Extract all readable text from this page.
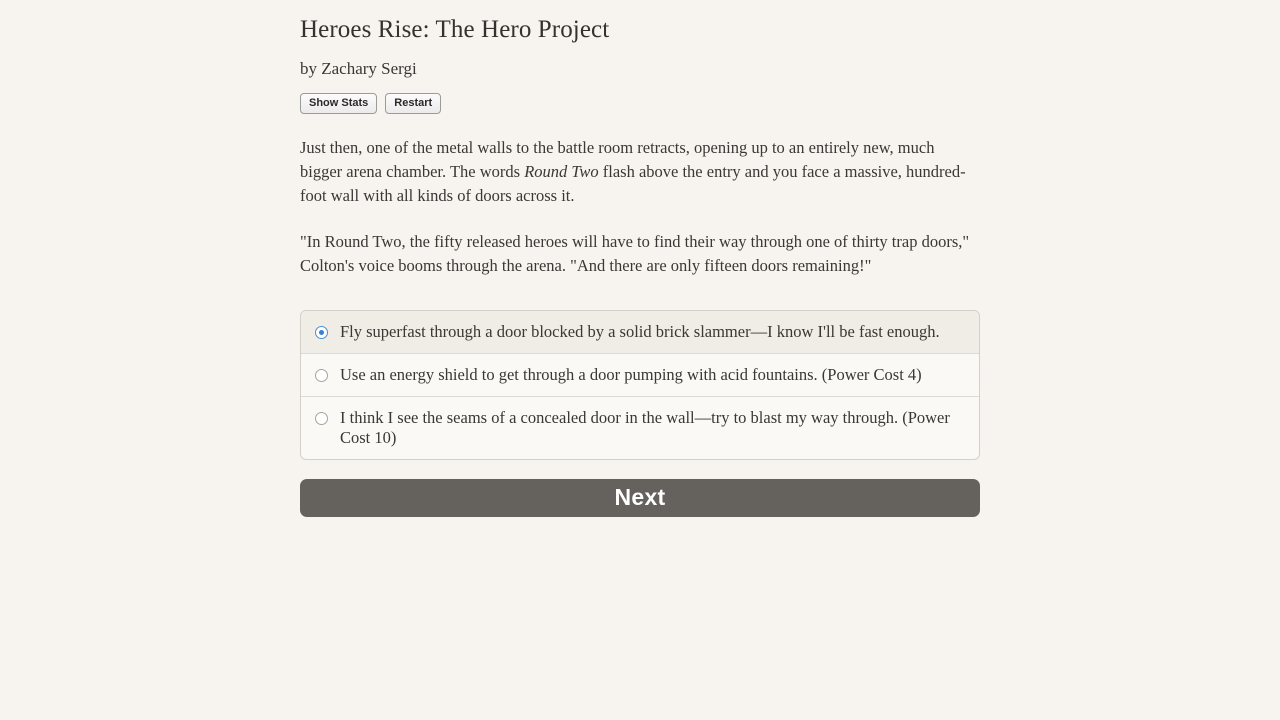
Heroes Rise: The Hero Project
by Zachary Sergi
Show Stats	Restart

Just then, one of the metal walls to the battle room retracts, opening up to an entirely new, much bigger arena chamber. The words Round Two flash above the entry and you face a massive, hundred-foot wall with all kinds of doors across it.

"In Round Two, the fifty released heroes will have to find their way through one of thirty trap doors," Colton's voice booms through the arena. "And there are only fifteen doors remaining!"

Fly superfast through a door blocked by a solid brick slammer—I know I'll be fast enough.
Use an energy shield to get through a door pumping with acid fountains. (Power Cost 4)
I think I see the seams of a concealed door in the wall—try to blast my way through. (Power Cost 10)
Next
